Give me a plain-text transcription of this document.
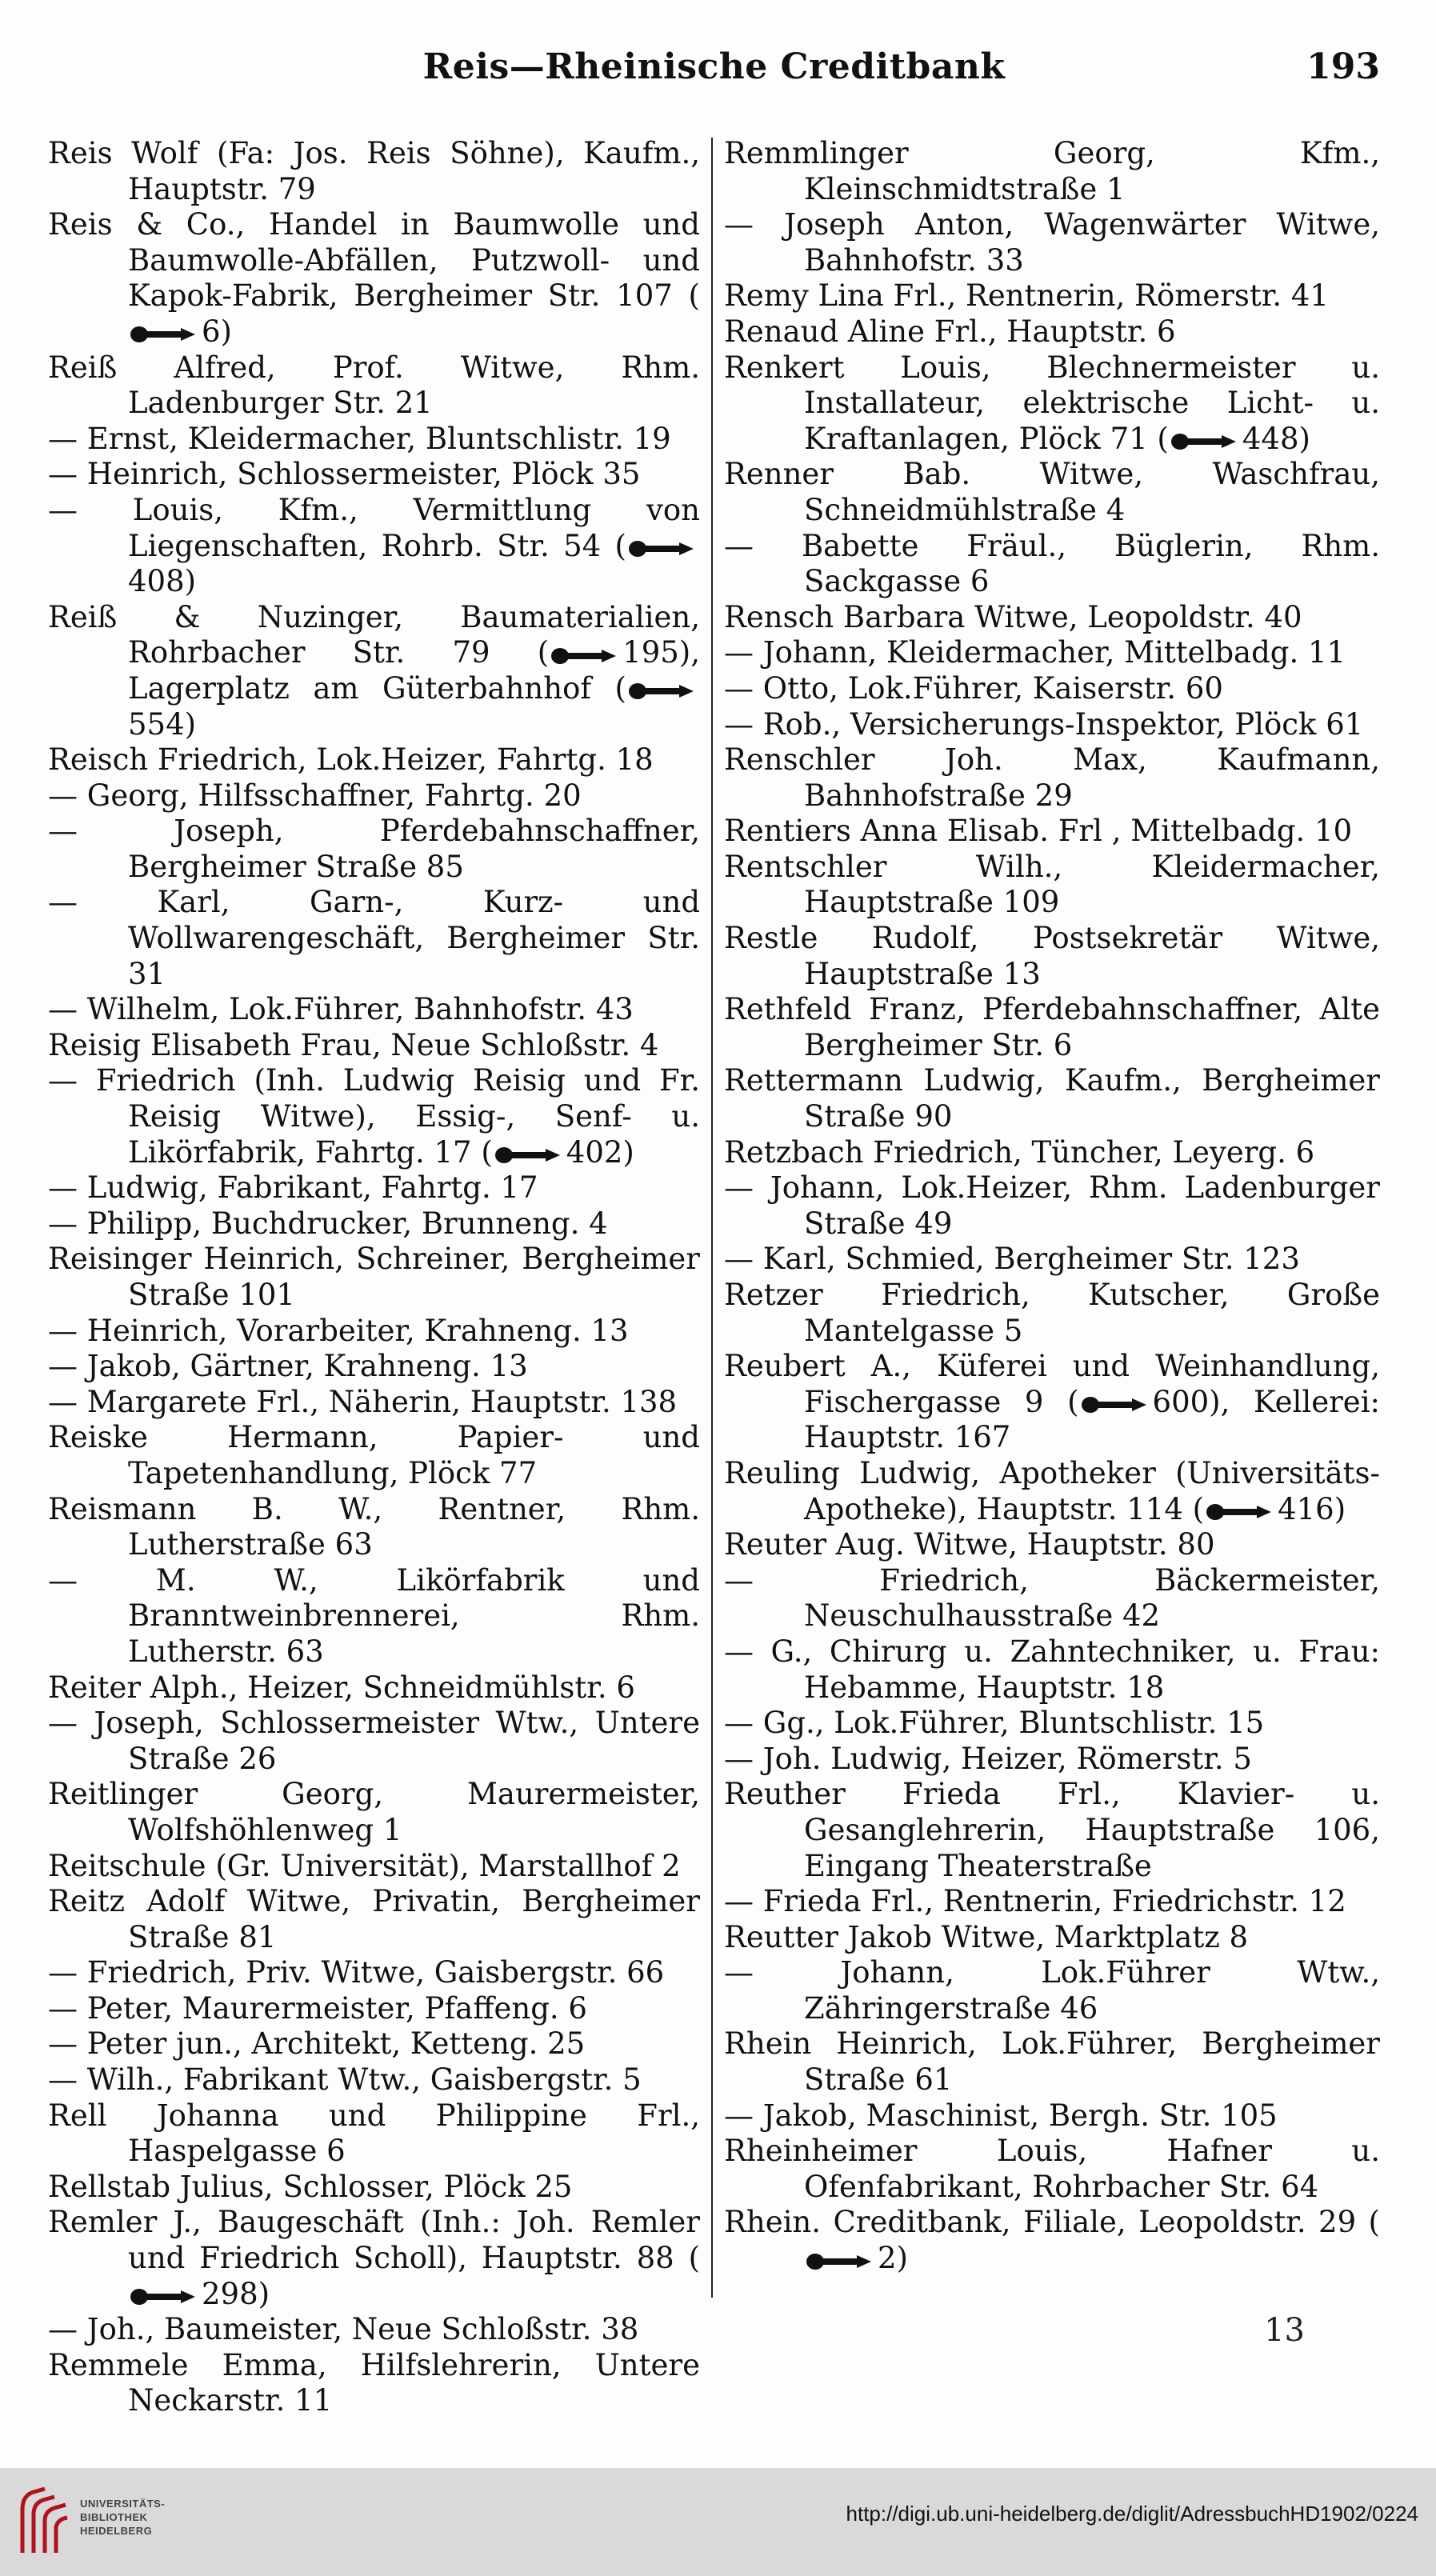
Reis—Rheinische Creditbank	193

Reis Wolf (Fa: Jos. Reis Söhne), Kaufm., Hauptstr. 79

Reis & Co., Handel in Baumwolle und Baumwolle-Abfällen, Putzwoll- und Kapok-Fabrik, Bergheimer Str. 107 (
6)

Reiß Alfred, Prof. Witwe, Rhm. Ladenburger Str. 21

— Ernst, Kleidermacher, Bluntschlistr. 19

— Heinrich, Schlossermeister, Plöck 35

— Louis, Kfm., Vermittlung von Liegenschaften, Rohrb. Str. 54 (
408)

Reiß & Nuzinger, Baumaterialien, Rohrbacher Str. 79 ( 195), Lagerplatz am Güterbahnhof (
554)

Reisch Friedrich, Lok.Heizer, Fahrtg. 18

— Georg, Hilfsschaffner, Fahrtg. 20

— Joseph, Pferdebahnschaffner, Bergheimer Straße 85

— Karl, Garn-, Kurz- und Wollwarengeschäft, Bergheimer Str. 31

— Wilhelm, Lok.Führer, Bahnhofstr. 43

Reisig Elisabeth Frau, Neue Schloßstr. 4

— Friedrich (Inh. Ludwig Reisig und Fr. Reisig Witwe), Essig-, Senf- u. Likörfabrik, Fahrtg. 17 ( 402)

— Ludwig, Fabrikant, Fahrtg. 17

— Philipp, Buchdrucker, Brunneng. 4

Reisinger Heinrich, Schreiner, Bergheimer Straße 101

— Heinrich, Vorarbeiter, Krahneng. 13

— Jakob, Gärtner, Krahneng. 13

— Margarete Frl., Näherin, Hauptstr. 138

Reiske Hermann, Papier- und Tapetenhandlung, Plöck 77

Reismann B. W., Rentner, Rhm. Lutherstraße 63

— M. W., Likörfabrik und Branntweinbrennerei, Rhm. Lutherstr. 63

Reiter Alph., Heizer, Schneidmühlstr. 6

— Joseph, Schlossermeister Wtw., Untere Straße 26

Reitlinger Georg, Maurermeister, Wolfshöhlenweg 1

Reitschule (Gr. Universität), Marstallhof 2

Reitz Adolf Witwe, Privatin, Bergheimer Straße 81

— Friedrich, Priv. Witwe, Gaisbergstr. 66

— Peter, Maurermeister, Pfaffeng. 6

— Peter jun., Architekt, Ketteng. 25

— Wilh., Fabrikant Wtw., Gaisbergstr. 5

Rell Johanna und Philippine Frl., Haspelgasse 6

Rellstab Julius, Schlosser, Plöck 25

Remler J., Baugeschäft (Inh.: Joh. Remler und Friedrich Scholl), Hauptstr. 88 (
298)

— Joh., Baumeister, Neue Schloßstr. 38

Remmele Emma, Hilfslehrerin, Untere Neckarstr. 11

Remmlinger Georg, Kfm., Kleinschmidtstraße 1

— Joseph Anton, Wagenwärter Witwe, Bahnhofstr. 33

Remy Lina Frl., Rentnerin, Römerstr. 41

Renaud Aline Frl., Hauptstr. 6

Renkert Louis, Blechnermeister u. Installateur, elektrische Licht- u. Kraftanlagen, Plöck 71 ( 448)

Renner Bab. Witwe, Waschfrau, Schneidmühlstraße 4

— Babette Fräul., Büglerin, Rhm. Sackgasse 6

Rensch Barbara Witwe, Leopoldstr. 40

— Johann, Kleidermacher, Mittelbadg. 11

— Otto, Lok.Führer, Kaiserstr. 60

— Rob., Versicherungs-Inspektor, Plöck 61

Renschler Joh. Max, Kaufmann, Bahnhofstraße 29

Rentiers Anna Elisab. Frl , Mittelbadg. 10

Rentschler Wilh., Kleidermacher, Hauptstraße 109

Restle Rudolf, Postsekretär Witwe, Hauptstraße 13

Rethfeld Franz, Pferdebahnschaffner, Alte Bergheimer Str. 6

Rettermann Ludwig, Kaufm., Bergheimer Straße 90

Retzbach Friedrich, Tüncher, Leyerg. 6

— Johann, Lok.Heizer, Rhm. Ladenburger Straße 49

— Karl, Schmied, Bergheimer Str. 123

Retzer Friedrich, Kutscher, Große Mantelgasse 5

Reubert A., Küferei und Weinhandlung, Fischergasse 9 ( 600), Kellerei: Hauptstr. 167

Reuling Ludwig, Apotheker (Universitäts-Apotheke), Hauptstr. 114 ( 416)

Reuter Aug. Witwe, Hauptstr. 80

— Friedrich, Bäckermeister, Neuschulhausstraße 42

— G., Chirurg u. Zahntechniker, u. Frau: Hebamme, Hauptstr. 18

— Gg., Lok.Führer, Bluntschlistr. 15

— Joh. Ludwig, Heizer, Römerstr. 5

Reuther Frieda Frl., Klavier- u. Gesanglehrerin, Hauptstraße 106, Eingang Theaterstraße

— Frieda Frl., Rentnerin, Friedrichstr. 12

Reutter Jakob Witwe, Marktplatz 8

— Johann, Lok.Führer Wtw., Zähringerstraße 46

Rhein Heinrich, Lok.Führer, Bergheimer Straße 61

— Jakob, Maschinist, Bergh. Str. 105

Rheinheimer Louis, Hafner u. Ofenfabrikant, Rohrbacher Str. 64

Rhein. Creditbank, Filiale, Leopoldstr. 29 (
2)

13
UNIVERSITÄTS-
BIBLIOTHEK
HEIDELBERG
http://digi.ub.uni-heidelberg.de/diglit/AdressbuchHD1902/0224
